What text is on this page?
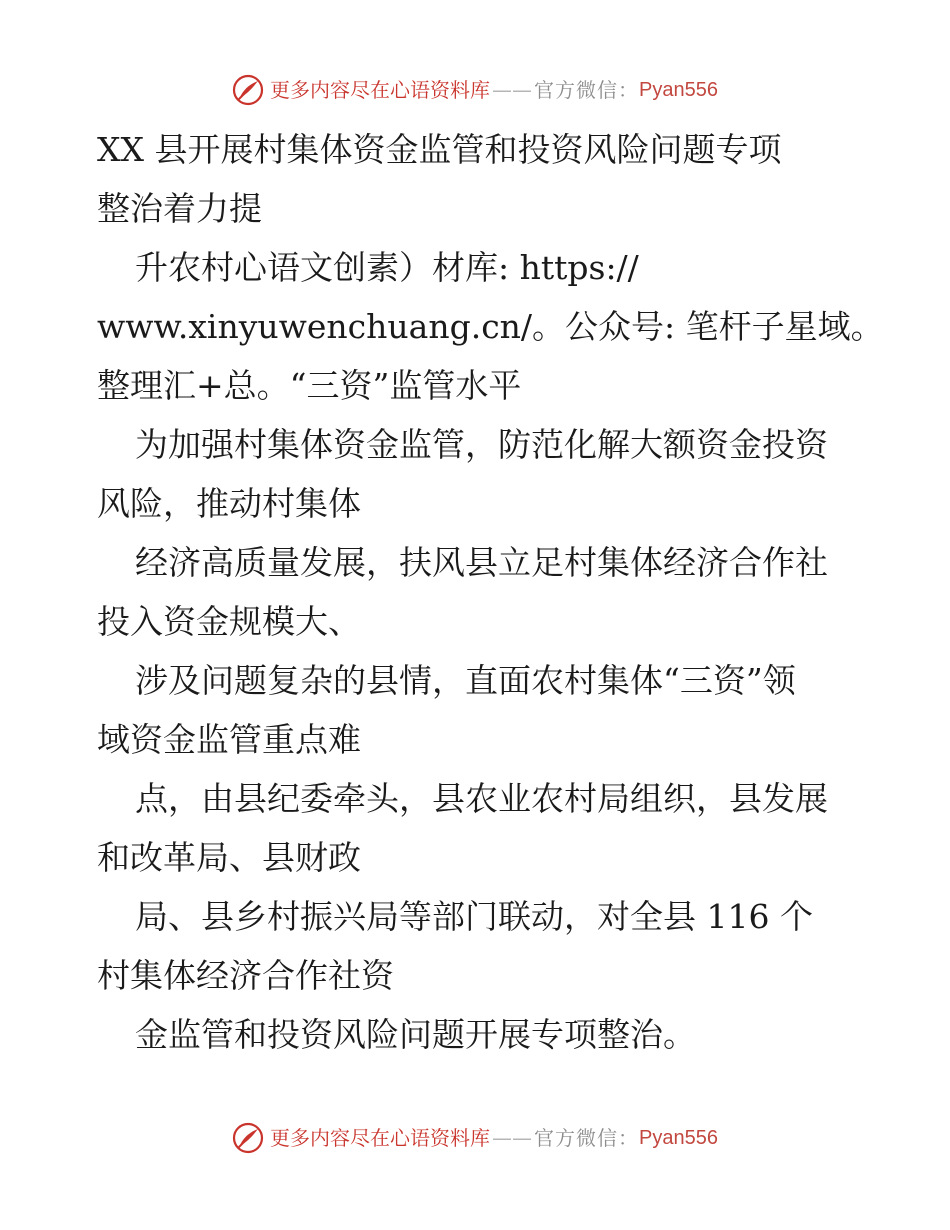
更多内容尽在心语资料库 —— 官方微信： Pyan556
XX 县开展村集体资金监管和投资风险问题专项
整治着力提
升农村心语文创素）材库: https://
www.xinyuwenchuang.cn/。公众号: 笔杆子星域。
整理汇+总。“三资”监管水平
为加强村集体资金监管，防范化解大额资金投资
风险，推动村集体
经济高质量发展，扶风县立足村集体经济合作社
投入资金规模大、
涉及问题复杂的县情，直面农村集体“三资”领
域资金监管重点难
点，由县纪委牵头，县农业农村局组织，县发展
和改革局、县财政
局、县乡村振兴局等部门联动，对全县 116 个
村集体经济合作社资
金监管和投资风险问题开展专项整治。
更多内容尽在心语资料库 —— 官方微信： Pyan556
